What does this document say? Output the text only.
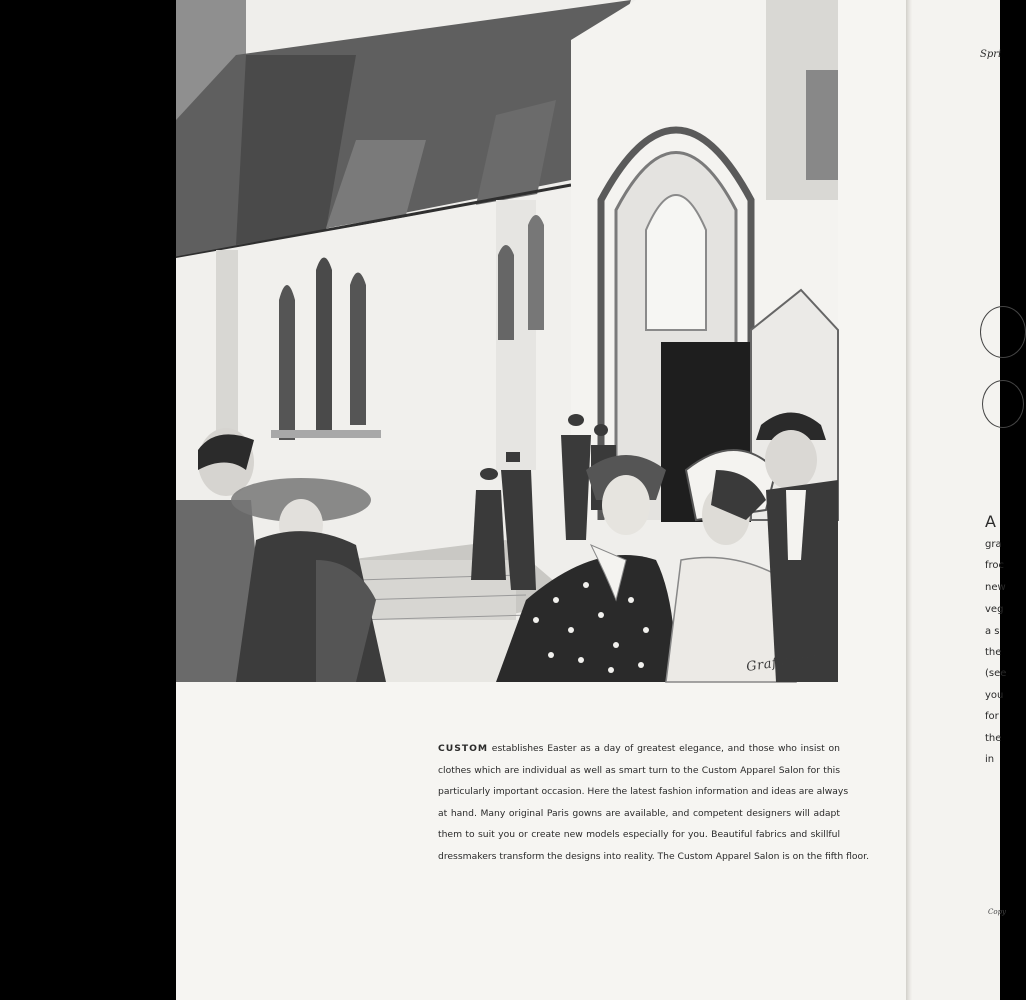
Grafstrom
CUSTOM establishes Easter as a day of greatest elegance, and those who insist on
clothes which are individual as well as smart turn to the Custom Apparel Salon for this
particularly important occasion. Here the latest fashion information and ideas are always
at hand. Many original Paris gowns are available, and competent designers will adapt
them to suit you or create new models especially for you. Beautiful fabrics and skillful
dressmakers transform the designs into reality. The Custom Apparel Salon is on the fifth floor.
Spri
A
gra
froc
new
veg
a s
the
(see
you
for
the
in
Copy
